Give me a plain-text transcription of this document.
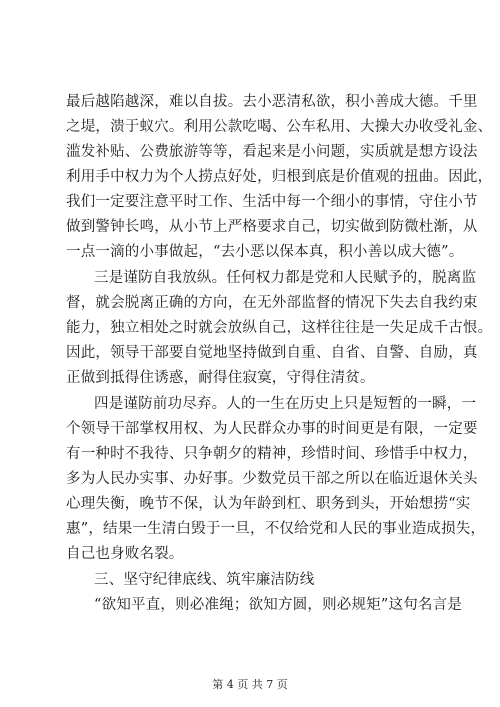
最后越陷越深，难以自拔。去小恶清私欲，积小善成大德。千里
之堤，溃于蚁穴。利用公款吃喝、公车私用、大操大办收受礼金、
滥发补贴、公费旅游等等，看起来是小问题，实质就是想方设法
利用手中权力为个人捞点好处，归根到底是价值观的扭曲。因此，
我们一定要注意平时工作、生活中每一个细小的事情，守住小节
做到警钟长鸣，从小节上严格要求自己，切实做到防微杜渐，从
一点一滴的小事做起，“去小恶以保本真，积小善以成大德”。
三是谨防自我放纵。任何权力都是党和人民赋予的，脱离监
督，就会脱离正确的方向，在无外部监督的情况下失去自我约束
能力，独立相处之时就会放纵自己，这样往往是一失足成千古恨。
因此，领导干部要自觉地坚持做到自重、自省、自警、自励，真
正做到抵得住诱惑，耐得住寂寞，守得住清贫。
四是谨防前功尽弃。人的一生在历史上只是短暂的一瞬，一
个领导干部掌权用权、为人民群众办事的时间更是有限，一定要
有一种时不我待、只争朝夕的精神，珍惜时间、珍惜手中权力，
多为人民办实事、办好事。少数党员干部之所以在临近退休关头
心理失衡，晚节不保，认为年龄到杠、职务到头，开始想捞“实
惠”，结果一生清白毁于一旦，不仅给党和人民的事业造成损失，
自己也身败名裂。
三、坚守纪律底线、筑牢廉洁防线
“欲知平直，则必准绳；欲知方圆，则必规矩”这句名言是
第 4 页 共 7 页
